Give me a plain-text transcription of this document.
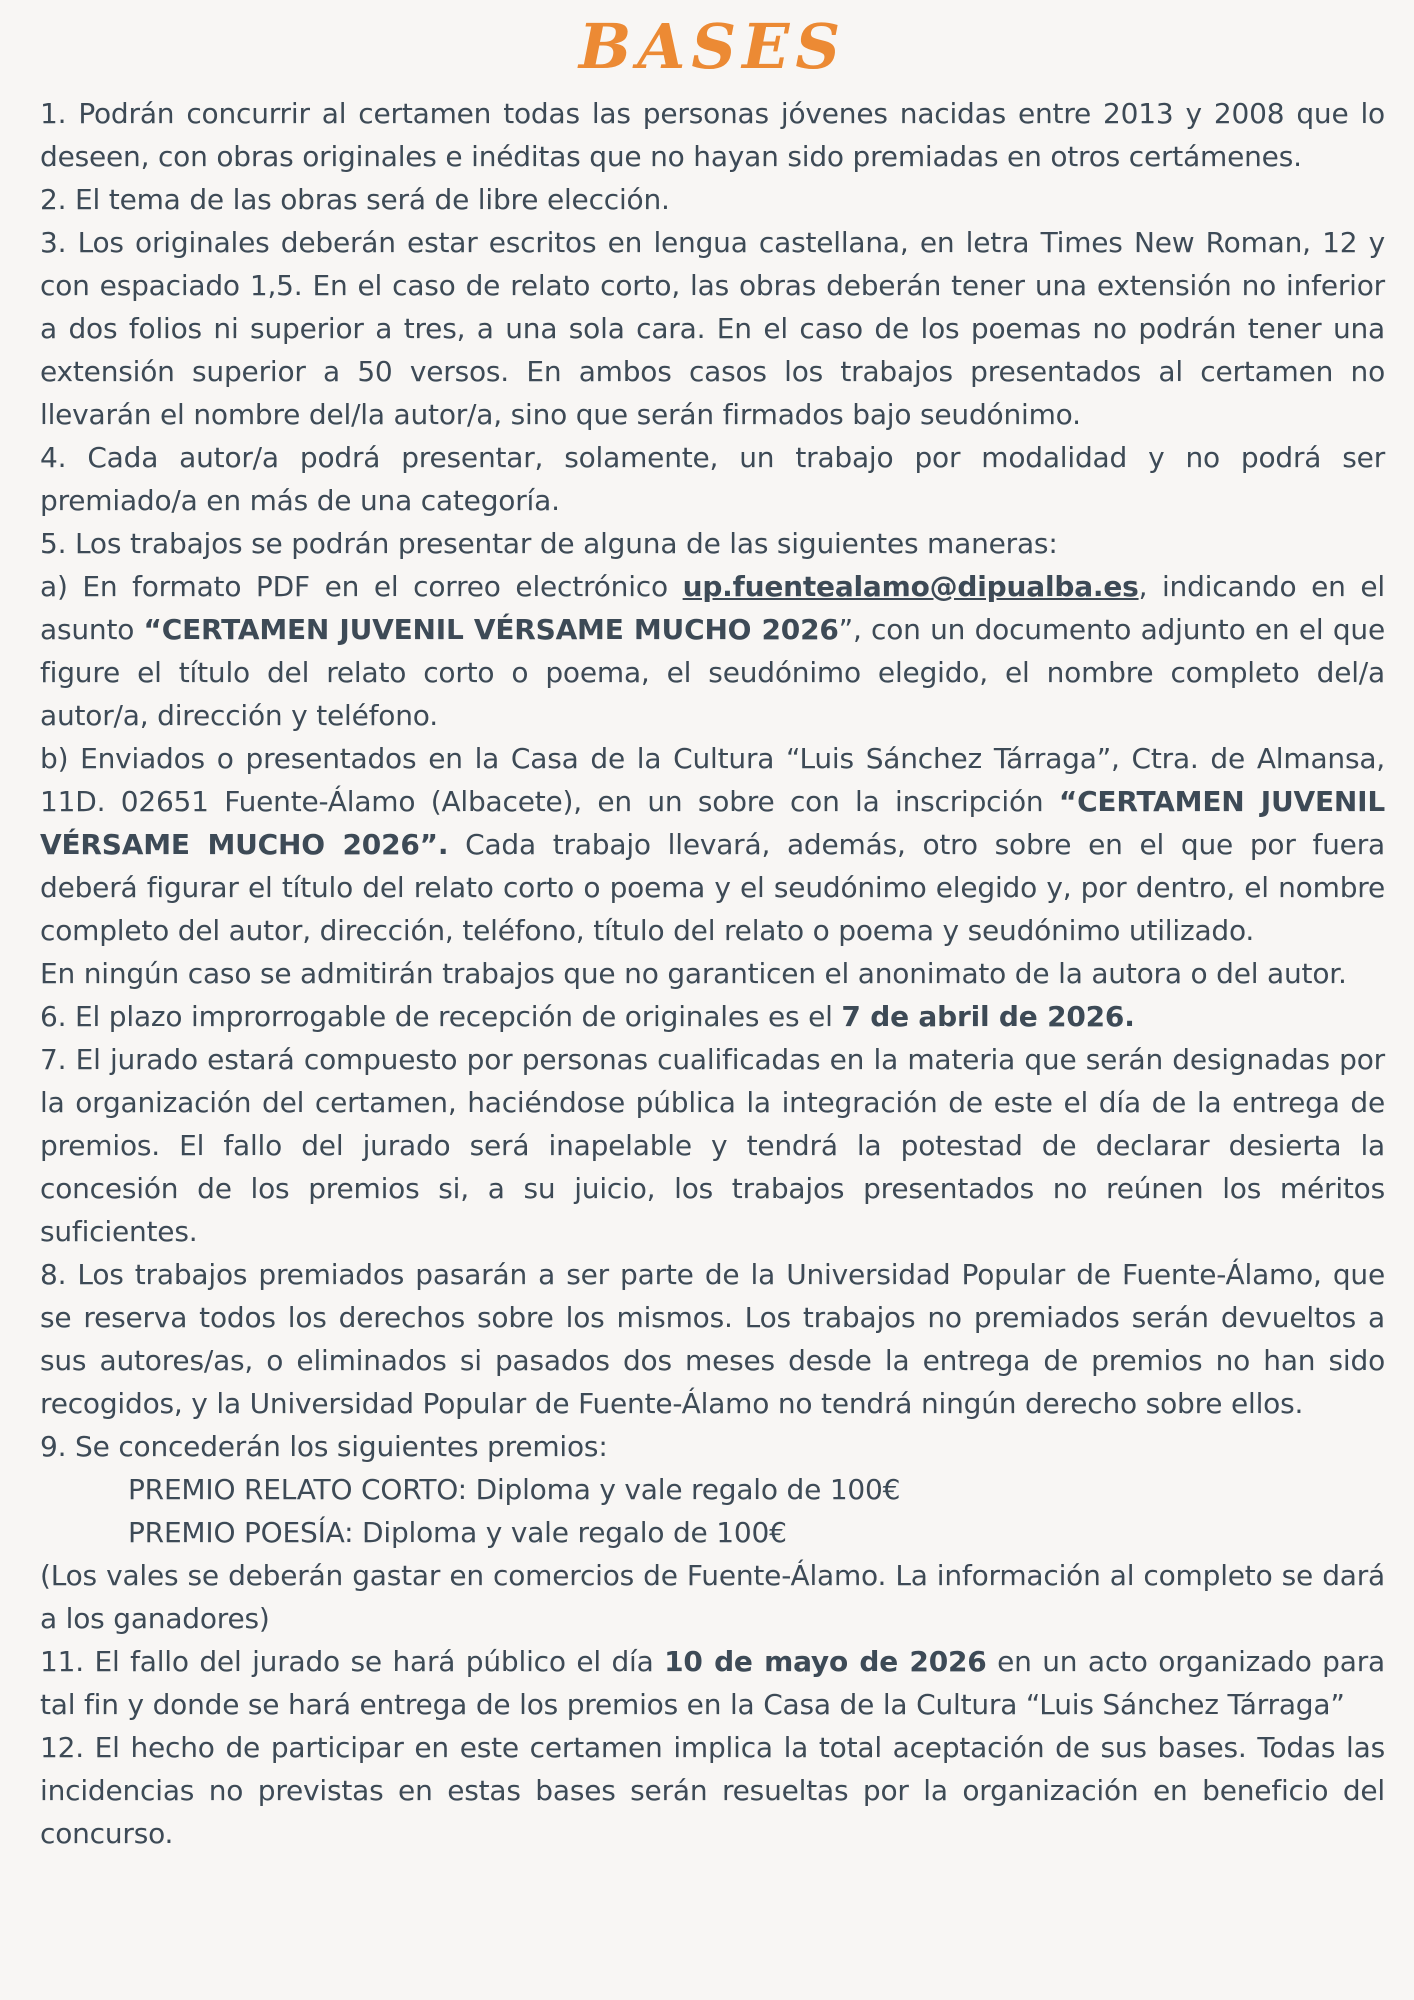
BASES

1. Podrán concurrir al certamen todas las personas jóvenes nacidas entre 2013 y 2008 que lo deseen, con obras originales e inéditas que no hayan sido premiadas en otros certámenes.

2. El tema de las obras será de libre elección.

3. Los originales deberán estar escritos en lengua castellana, en letra Times New Roman, 12 y con espaciado 1,5. En el caso de relato corto, las obras deberán tener una extensión no inferior a dos folios ni superior a tres, a una sola cara. En el caso de los poemas no podrán tener una extensión superior a 50 versos. En ambos casos los trabajos presentados al certamen no llevarán el nombre del/la autor/a, sino que serán firmados bajo seudónimo.

4. Cada autor/a podrá presentar, solamente, un trabajo por modalidad y no podrá ser premiado/a en más de una categoría.

5. Los trabajos se podrán presentar de alguna de las siguientes maneras:

a) En formato PDF en el correo electrónico up.fuentealamo@dipualba.es, indicando en el asunto “CERTAMEN JUVENIL VÉRSAME MUCHO 2026”, con un documento adjunto en el que figure el título del relato corto o poema, el seudónimo elegido, el nombre completo del/a autor/a, dirección y teléfono.

b) Enviados o presentados en la Casa de la Cultura “Luis Sánchez Tárraga”, Ctra. de Almansa, 11D. 02651 Fuente-Álamo (Albacete), en un sobre con la inscripción “CERTAMEN JUVENIL VÉRSAME MUCHO 2026”. Cada trabajo llevará, además, otro sobre en el que por fuera deberá figurar el título del relato corto o poema y el seudónimo elegido y, por dentro, el nombre completo del autor, dirección, teléfono, título del relato o poema y seudónimo utilizado.

En ningún caso se admitirán trabajos que no garanticen el anonimato de la autora o del autor.

6. El plazo improrrogable de recepción de originales es el 7 de abril de 2026.

7. El jurado estará compuesto por personas cualificadas en la materia que serán designadas por la organización del certamen, haciéndose pública la integración de este el día de la entrega de premios. El fallo del jurado será inapelable y tendrá la potestad de declarar desierta la concesión de los premios si, a su juicio, los trabajos presentados no reúnen los méritos suficientes.

8. Los trabajos premiados pasarán a ser parte de la Universidad Popular de Fuente-Álamo, que se reserva todos los derechos sobre los mismos. Los trabajos no premiados serán devueltos a sus autores/as, o eliminados si pasados dos meses desde la entrega de premios no han sido recogidos, y la Universidad Popular de Fuente-Álamo no tendrá ningún derecho sobre ellos.

9. Se concederán los siguientes premios:

PREMIO RELATO CORTO: Diploma y vale regalo de 100€

PREMIO POESÍA: Diploma y vale regalo de 100€

(Los vales se deberán gastar en comercios de Fuente-Álamo. La información al completo se dará a los ganadores)

11. El fallo del jurado se hará público el día 10 de mayo de 2026 en un acto organizado para tal fin y donde se hará entrega de los premios en la Casa de la Cultura “Luis Sánchez Tárraga”

12. El hecho de participar en este certamen implica la total aceptación de sus bases. Todas las incidencias no previstas en estas bases serán resueltas por la organización en beneficio del concurso.
